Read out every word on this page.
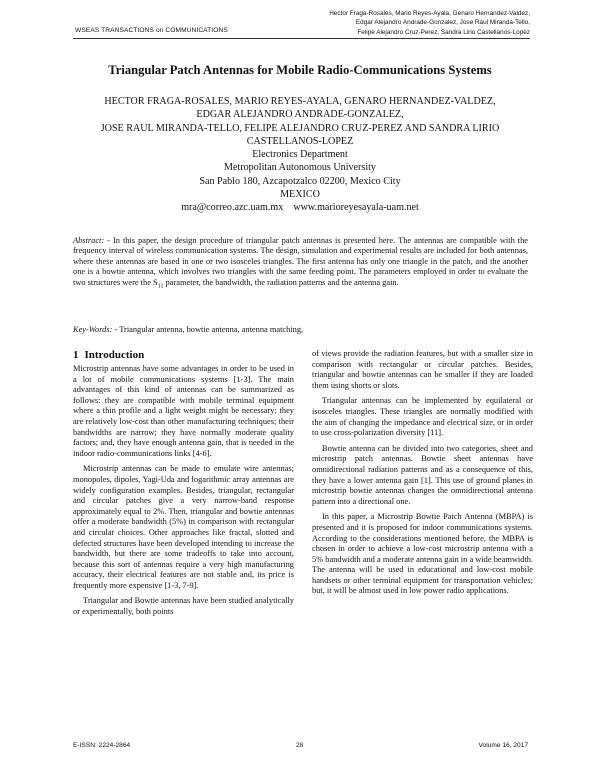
WSEAS TRANSACTIONS on COMMUNICATIONS
Hector Fraga-Rosales, Mario Reyes-Ayala, Genaro Hernandez-Valdez,
Edgar Alejandro Andrade-Gonzalez, Jose Raul Miranda-Tello,
Felipe Alejandro Cruz-Perez, Sandra Lirio Castellanos-Lopez
Triangular Patch Antennas for Mobile Radio-Communications Systems
HECTOR FRAGA-ROSALES, MARIO REYES-AYALA, GENARO HERNANDEZ-VALDEZ,
EDGAR ALEJANDRO ANDRADE-GONZALEZ,
JOSE RAUL MIRANDA-TELLO, FELIPE ALEJANDRO CRUZ-PEREZ AND SANDRA LIRIO
CASTELLANOS-LOPEZ
Electronics Department
Metropolitan Autonomous University
San Pablo 180, Azcapotzalco 02200, Mexico City
MEXICO
mra@correo.azc.uam.mx    www.marioreyesayala-uam.net
Abstract: - In this paper, the design procedure of triangular patch antennas is presented here. The antennas are compatible with the frequency interval of wireless communication systems. The design, simulation and experimental results are included for both antennas, where these antennas are based in one or two isosceles triangles. The first antenna has only one triangle in the patch, and the another one is a bowtie antenna, which involves two triangles with the same feeding point. The parameters employed in order to evaluate the two structures were the $S_{11}$ parameter, the bandwidth, the radiation patterns and the antenna gain.
Key-Words: - Triangular antenna, bowtie antenna, antenna matching,
1 Introduction

Microstrip antennas have some advantages in order to be used in a lot of mobile communications systems [1-3]. The main advantages of this kind of antennas can be summarized as follows: they are compatible with mobile terminal equipment where a thin profile and a light weight might be necessary; they are relatively low-cost than other manufacturing techniques; their bandwidths are narrow; they have normally moderate quality factors; and, they have enough antenna gain, that is needed in the indoor radio-communications links [4-6].

Microstrip antennas can be made to emulate wire antennas; monopoles, dipoles, Yagi-Uda and logarithmic array antennas are widely configuration examples. Besides, triangular, rectangular and circular patches give a very narrow-band response approximately equal to 2%. Then, triangular and bowtie antennas offer a moderate bandwidth (5%) in comparison with rectangular and circular choices. Other approaches like fractal, slotted and defected structures have been developed intending to increase the bandwidth, but there are some tradeoffs to take into account, because this sort of antennas require a very high manufacturing accuracy, their electrical features are not stable and, its price is frequently more expensive [1-3, 7-9].

Triangular and Bowtie antennas have been studied analytically or experimentally, both points

of views provide the radiation features, but with a smaller size in comparison with rectangular or circular patches. Besides, triangular and bowtie antennas can be smaller if they are loaded them using shorts or slots.

Triangular antennas can be implemented by equilateral or isosceles triangles. These triangles are normally modified with the aim of changing the impedance and electrical size, or in order to use cross-polarization diversity [11].

Bowtie antenna can be divided into two categories, sheet and microstrip patch antennas. Bowtie sheet antennas have omnidirectional radiation patterns and as a consequence of this, they have a lower antenna gain [1]. This use of ground planes in microstrip bowtie antennas changes the omnidirectional antenna pattern into a directional one.

In this paper, a Microstrip Bowtie Patch Antenna (MBPA) is presented and it is proposed for indoor communications systems. According to the considerations mentioned before, the MBPA is chosen in order to achieve a low-cost microstrip antenna with a 5% bandwidth and a moderate antenna gain in a wide beamwidth. The antenna will be used in educational and low-cost mobile handsets or other terminal equipment for transportation vehicles; but, it will be almost used in low power radio applications.

E-ISSN: 2224-2864	28	Volume 16, 2017
